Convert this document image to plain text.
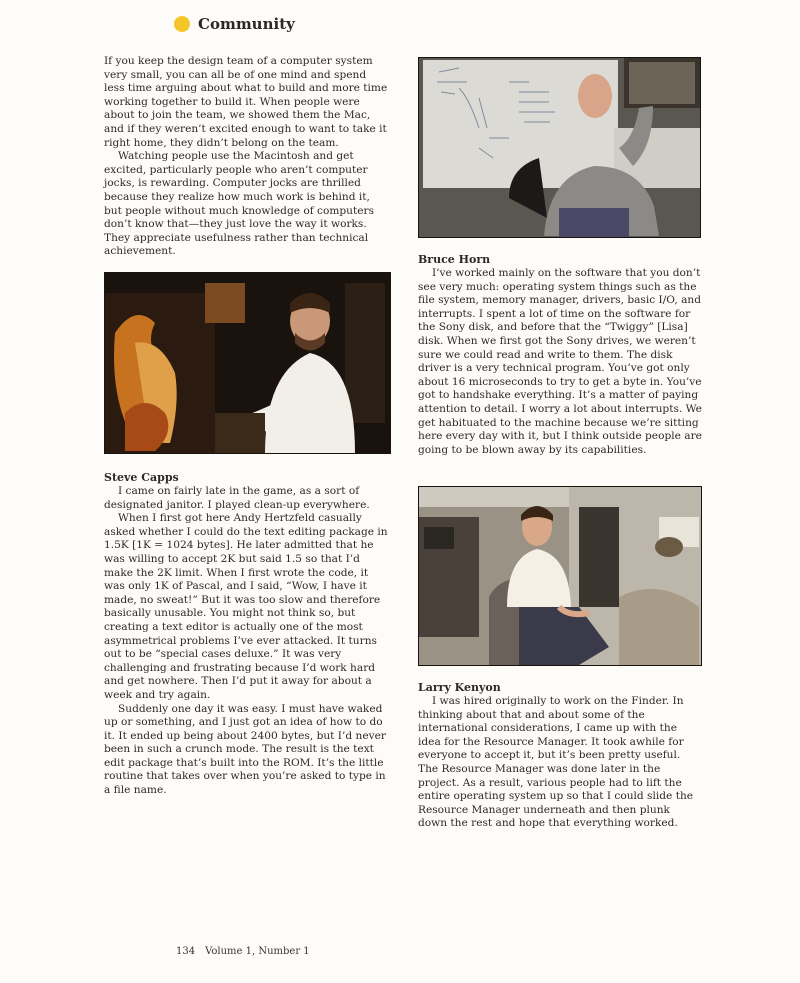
Community

If you keep the design team of a computer system very small, you can all be of one mind and spend less time arguing about what to build and more time working together to build it. When people were about to join the team, we showed them the Mac, and if they weren’t excited enough to want to take it right home, they didn’t belong on the team.

Watching people use the Macintosh and get excited, particularly people who aren’t computer jocks, is rewarding. Computer jocks are thrilled because they realize how much work is behind it, but people without much knowledge of computers don’t know that—they just love the way it works. They appreciate usefulness rather than technical achievement.

Bruce Horn

I’ve worked mainly on the software that you don’t see very much: operating system things such as the file system, memory manager, drivers, basic I/O, and interrupts. I spent a lot of time on the software for the Sony disk, and before that the “Twiggy” [Lisa] disk. When we first got the Sony drives, we weren’t sure we could read and write to them. The disk driver is a very technical program. You’ve got only about 16 microseconds to try to get a byte in. You’ve got to handshake everything. It’s a matter of paying attention to detail. I worry a lot about interrupts. We get habituated to the machine because we’re sitting here every day with it, but I think outside people are going to be blown away by its capabilities.

Steve Capps

I came on fairly late in the game, as a sort of designated janitor. I played clean-up everywhere.

When I first got here Andy Hertzfeld casually asked whether I could do the text editing package in 1.5K [1K = 1024 bytes]. He later admitted that he was willing to accept 2K but said 1.5 so that I’d make the 2K limit. When I first wrote the code, it was only 1K of Pascal, and I said, “Wow, I have it made, no sweat!” But it was too slow and therefore basically unusable. You might not think so, but creating a text editor is actually one of the most asymmetrical problems I’ve ever attacked. It turns out to be “special cases deluxe.” It was very challenging and frustrating because I’d work hard and get nowhere. Then I’d put it away for about a week and try again.

Suddenly one day it was easy. I must have waked up or something, and I just got an idea of how to do it. It ended up being about 2400 bytes, but I’d never been in such a crunch mode. The result is the text edit package that’s built into the ROM. It’s the little routine that takes over when you’re asked to type in a file name.

Larry Kenyon

I was hired originally to work on the Finder. In thinking about that and about some of the international considerations, I came up with the idea for the Resource Manager. It took awhile for everyone to accept it, but it’s been pretty useful. The Resource Manager was done later in the project. As a result, various people had to lift the entire operating system up so that I could slide the Resource Manager underneath and then plunk down the rest and hope that everything worked.

134 Volume 1, Number 1
